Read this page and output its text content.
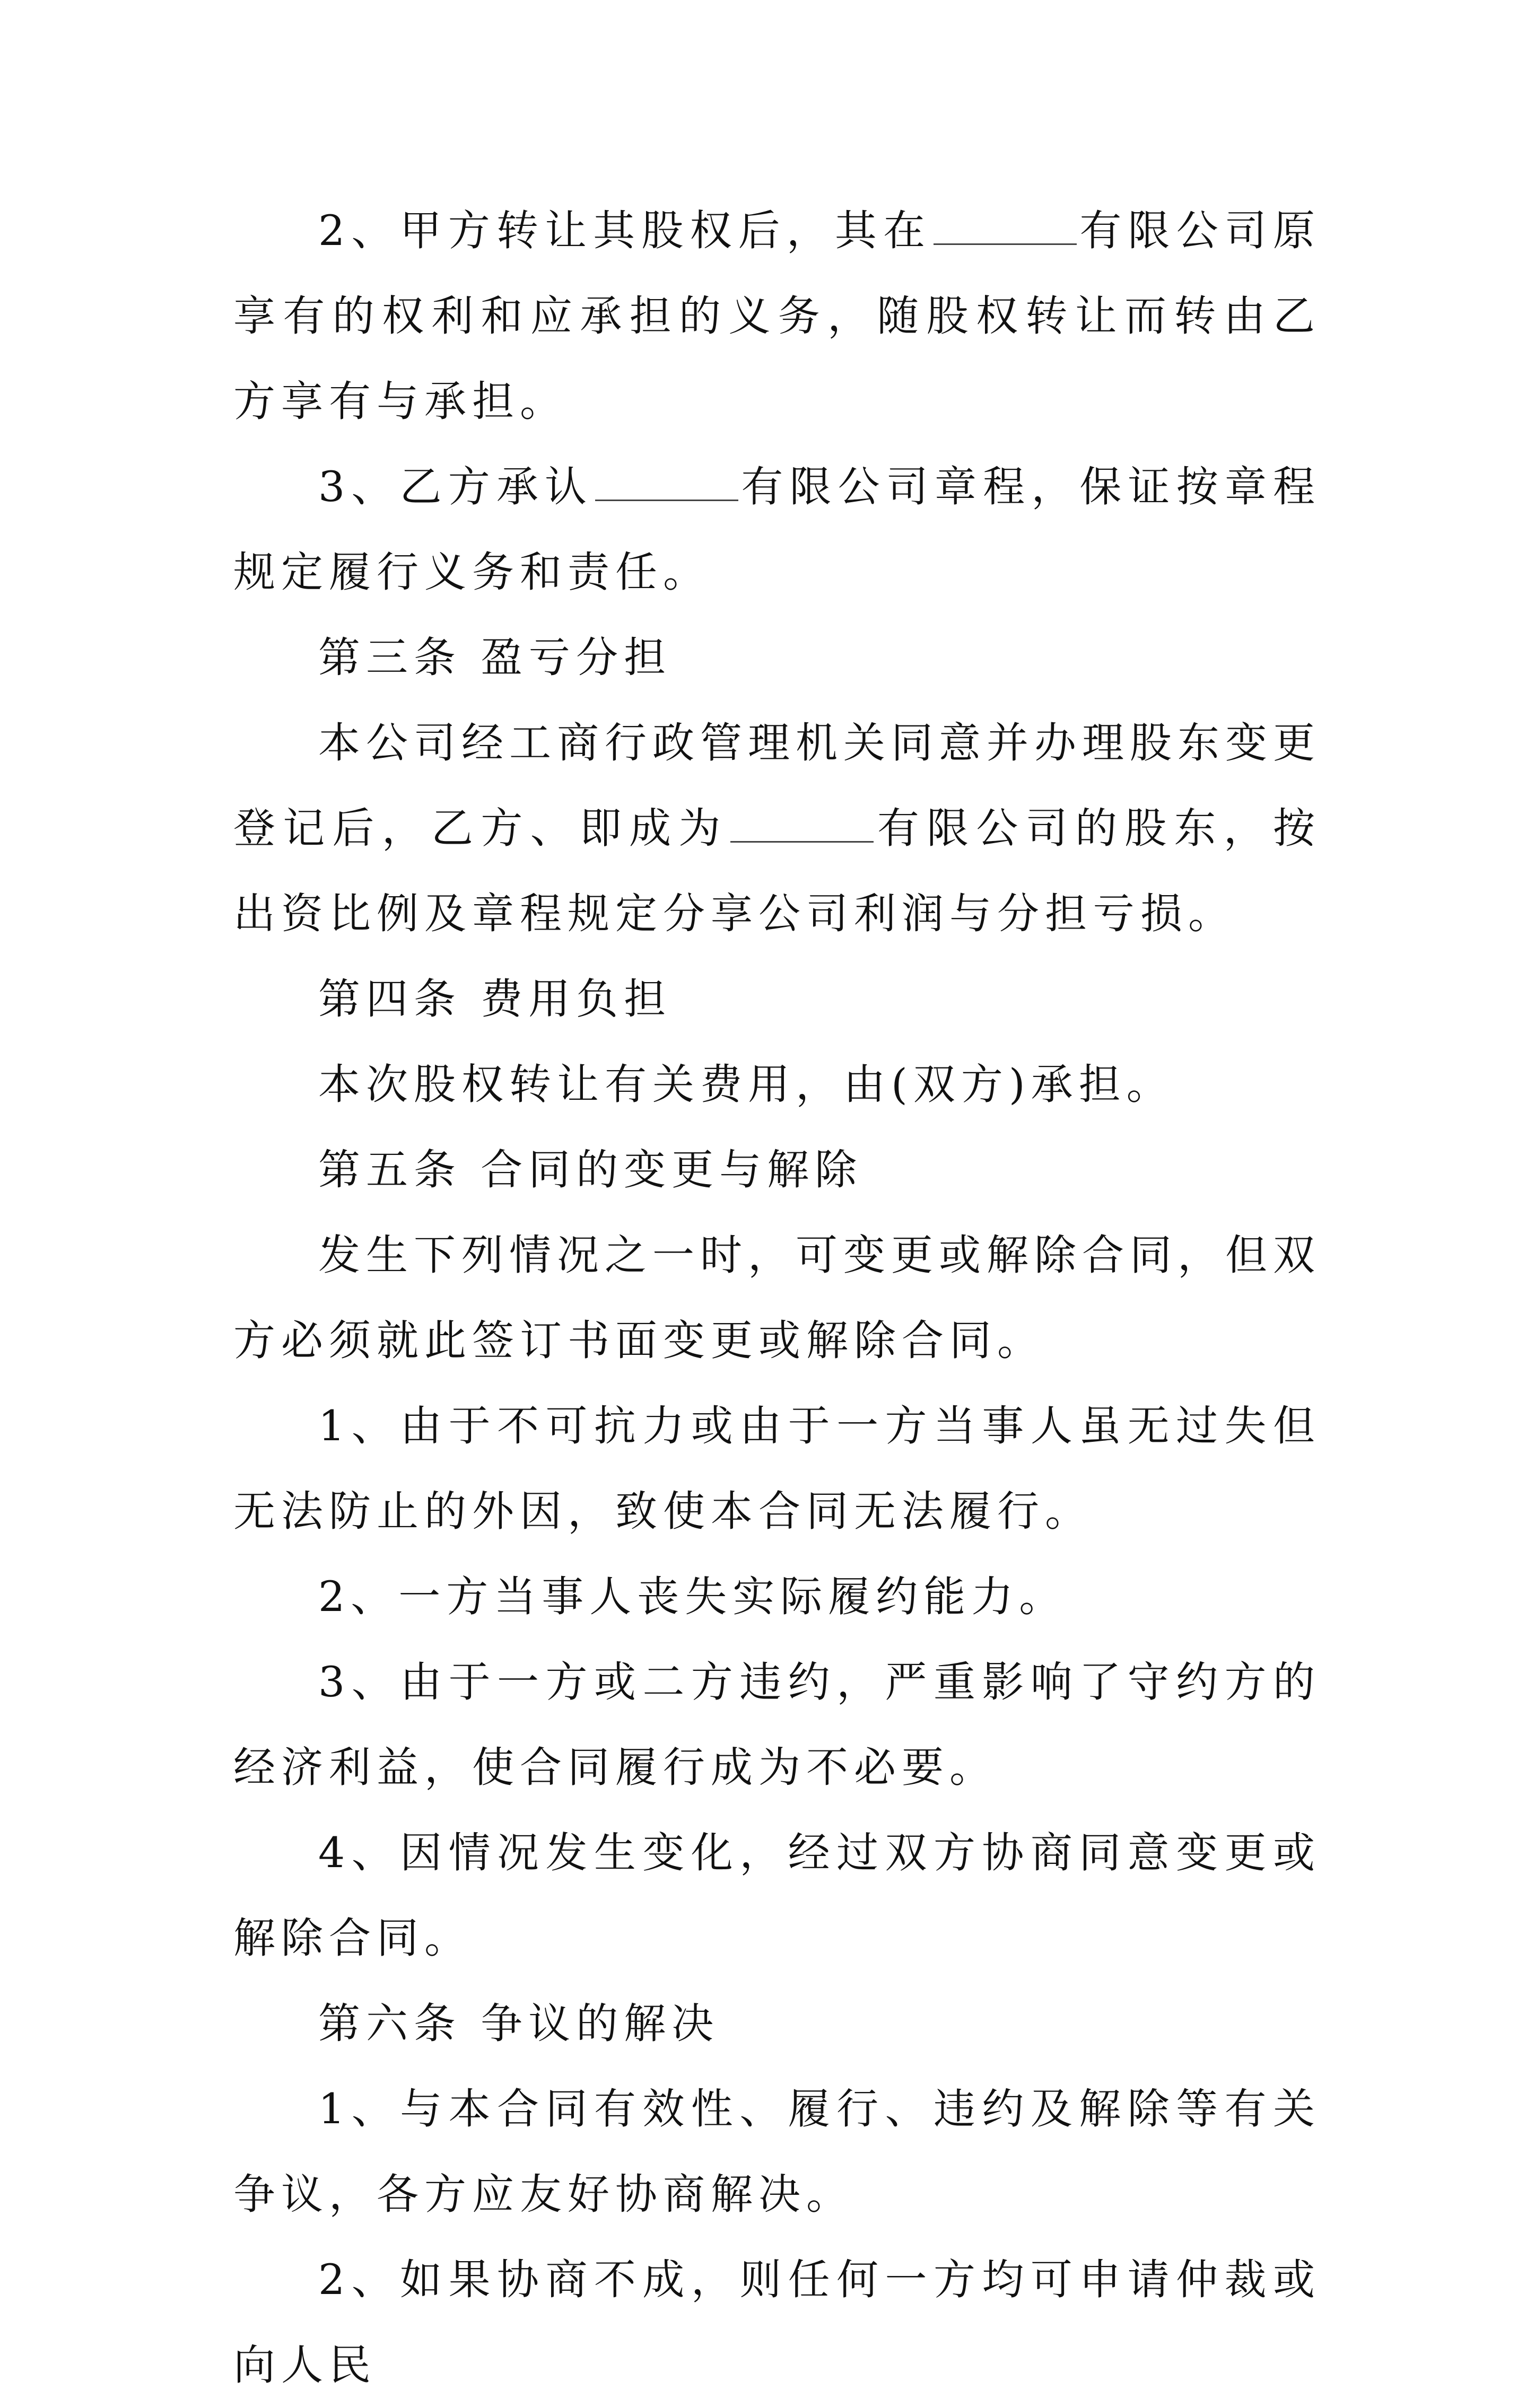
2、甲方转让其股权后，其在	有限公司原享有的权利和应承担的义务，随股权转让而转由乙方享有与承担。

3、乙方承认	有限公司章程，保证按章程规定履行义务和责任。

第三条 盈亏分担

本公司经工商行政管理机关同意并办理股东变更登记后，乙方、即成为	有限公司的股东，按出资比例及章程规定分享公司利润与分担亏损。

第四条 费用负担

本次股权转让有关费用，由(双方)承担。

第五条 合同的变更与解除

发生下列情况之一时，可变更或解除合同，但双方必须就此签订书面变更或解除合同。

1、由于不可抗力或由于一方当事人虽无过失但无法防止的外因，致使本合同无法履行。

2、一方当事人丧失实际履约能力。

3、由于一方或二方违约，严重影响了守约方的经济利益，使合同履行成为不必要。

4、因情况发生变化，经过双方协商同意变更或解除合同。

第六条 争议的解决

1、与本合同有效性、履行、违约及解除等有关争议，各方应友好协商解决。

2、如果协商不成，则任何一方均可申请仲裁或向人民
